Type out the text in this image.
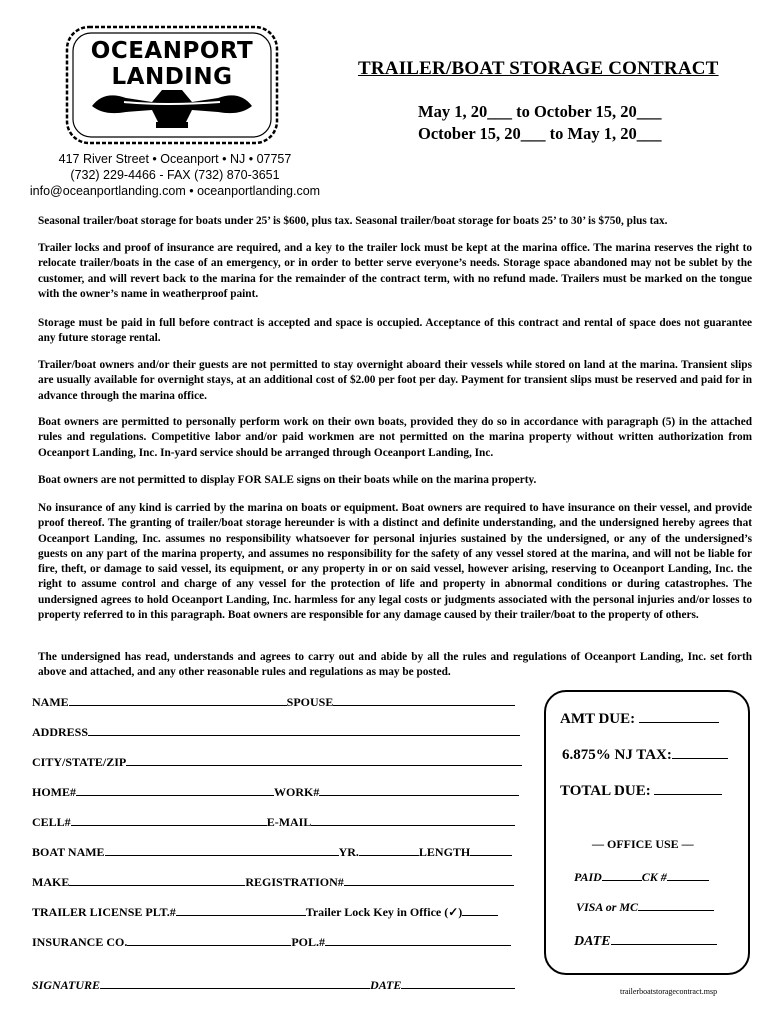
OCEANPORT
LANDING
417 River Street • Oceanport • NJ • 07757
(732) 229-4466 - FAX (732) 870-3651
info@oceanportlanding.com • oceanportlanding.com
TRAILER/BOAT STORAGE CONTRACT
May 1, 20___ to October 15, 20___
October 15, 20___ to May 1, 20___

Seasonal trailer/boat storage for boats under 25’ is $600, plus tax. Seasonal trailer/boat storage for boats 25’ to 30’ is $750, plus tax.

Trailer locks and proof of insurance are required, and a key to the trailer lock must be kept at the marina office. The marina reserves the right to relocate trailer/boats in the case of an emergency, or in order to better serve everyone’s needs. Storage space abandoned may not be sublet by the customer, and will revert back to the marina for the remainder of the contract term, with no refund made. Trailers must be marked on the tongue with the owner’s name in weatherproof paint.

Storage must be paid in full before contract is accepted and space is occupied. Acceptance of this contract and rental of space does not guarantee any future storage rental.

Trailer/boat owners and/or their guests are not permitted to stay overnight aboard their vessels while stored on land at the marina. Transient slips are usually available for overnight stays, at an additional cost of $2.00 per foot per day. Payment for transient slips must be reserved and paid for in advance through the marina office.

Boat owners are permitted to personally perform work on their own boats, provided they do so in accordance with paragraph (5) in the attached rules and regulations. Competitive labor and/or paid workmen are not permitted on the marina property without written authorization from Oceanport Landing, Inc. In-yard service should be arranged through Oceanport Landing, Inc.

Boat owners are not permitted to display FOR SALE signs on their boats while on the marina property.

No insurance of any kind is carried by the marina on boats or equipment. Boat owners are required to have insurance on their vessel, and provide proof thereof. The granting of trailer/boat storage hereunder is with a distinct and definite understanding, and the undersigned hereby agrees that Oceanport Landing, Inc. assumes no responsibility whatsoever for personal injuries sustained by the undersigned, or any of the undersigned’s guests on any part of the marina property, and assumes no responsibility for the safety of any vessel stored at the marina, and will not be liable for fire, theft, or damage to said vessel, its equipment, or any property in or on said vessel, however arising, reserving to Oceanport Landing, Inc. the right to assume control and charge of any vessel for the protection of life and property in abnormal conditions or during catastrophes. The undersigned agrees to hold Oceanport Landing, Inc. harmless for any legal costs or judgments associated with the personal injuries and/or losses to property referred to in this paragraph. Boat owners are responsible for any damage caused by their trailer/boat to the property of others.

The undersigned has read, understands and agrees to carry out and abide by all the rules and regulations of Oceanport Landing, Inc. set forth above and attached, and any other reasonable rules and regulations as may be posted.

NAME	SPOUSE
ADDRESS
CITY/STATE/ZIP
HOME#	WORK#
CELL#	E-MAIL
BOAT NAME	YR.	LENGTH
MAKE	REGISTRATION#
TRAILER LICENSE PLT.#	Trailer Lock Key in Office (✓)
INSURANCE CO.	POL.#
SIGNATURE	DATE
AMT DUE:
6.875% NJ TAX:
TOTAL DUE:
— OFFICE USE —
PAID	CK #
VISA or MC
DATE
trailerboatstoragecontract.msp
